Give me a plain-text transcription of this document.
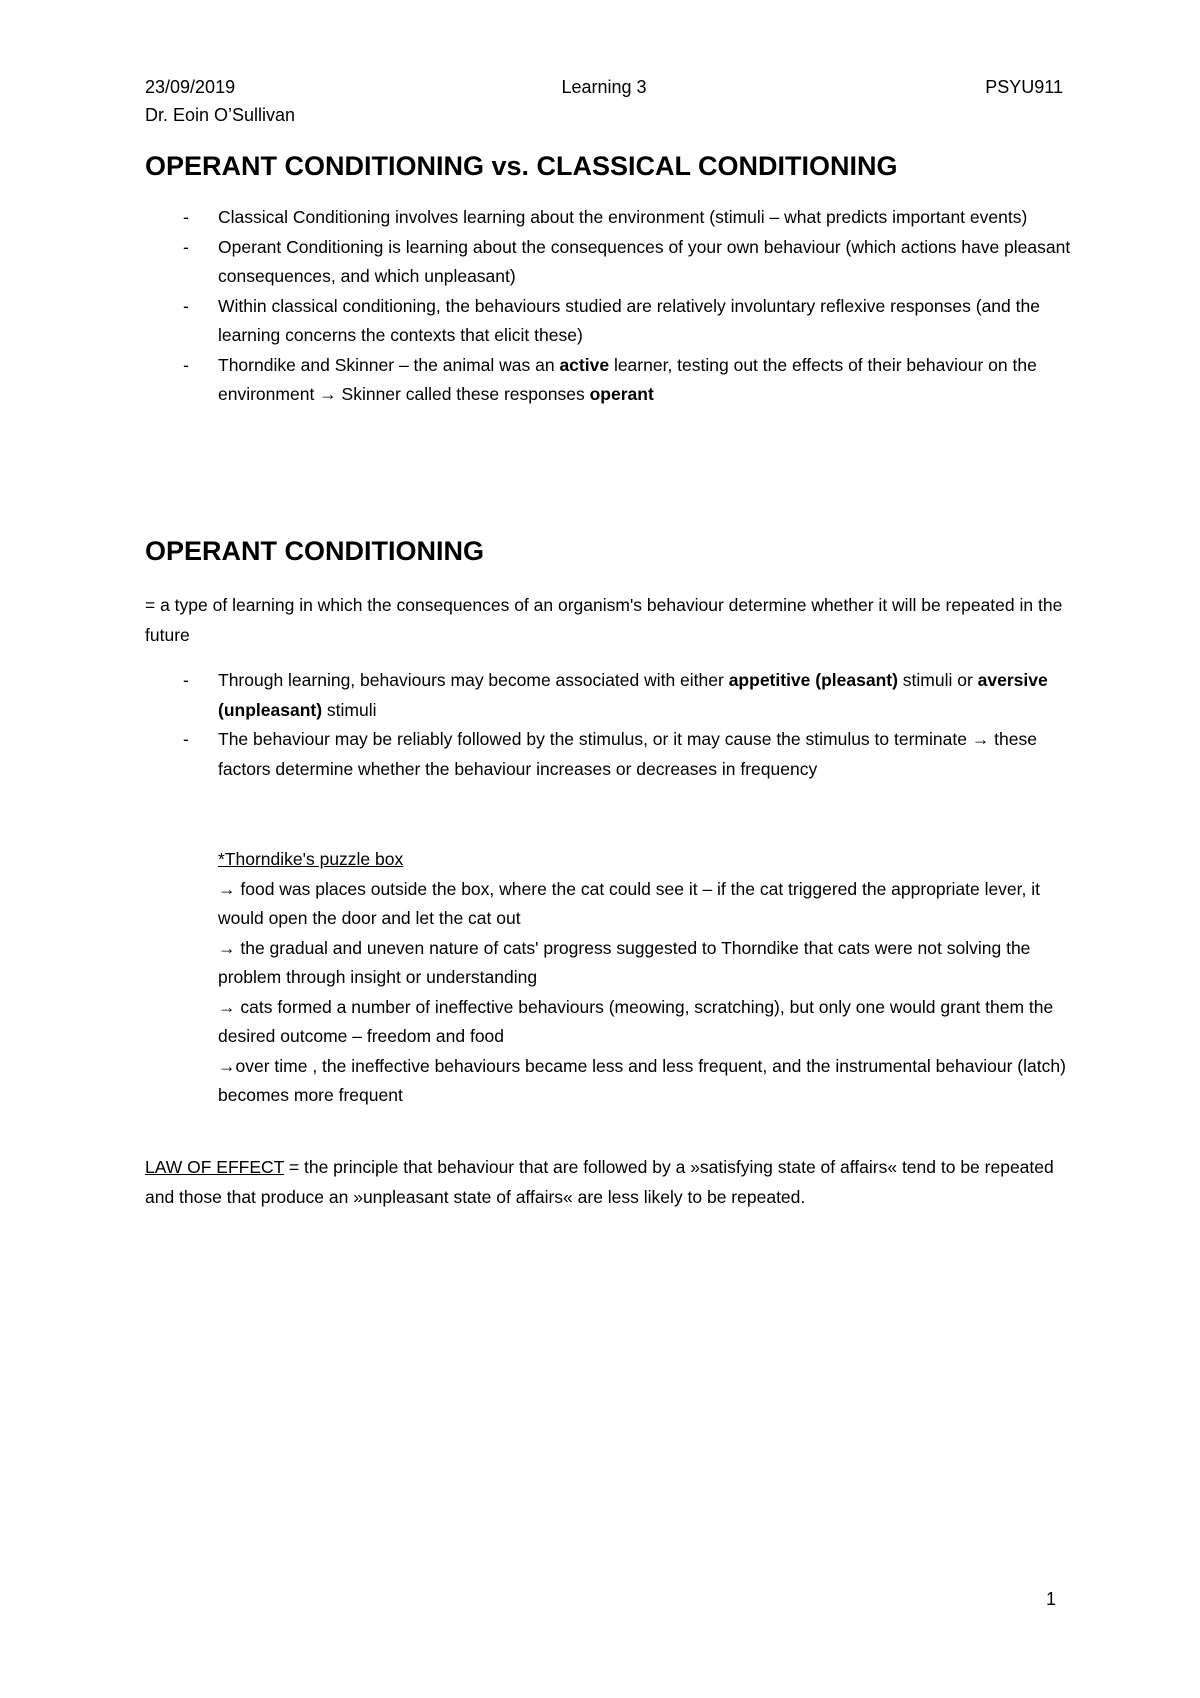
23/09/2019	Learning 3	PSYU911
Dr. Eoin O’Sullivan
OPERANT CONDITIONING vs. CLASSICAL CONDITIONING
- Classical Conditioning involves learning about the environment (stimuli – what predicts important events)
- Operant Conditioning is learning about the consequences of your own behaviour (which actions have pleasant consequences, and which unpleasant)
- Within classical conditioning, the behaviours studied are relatively involuntary reflexive responses (and the learning concerns the contexts that elicit these)
- Thorndike and Skinner – the animal was an active learner, testing out the effects of their behaviour on the environment → Skinner called these responses operant
OPERANT CONDITIONING

= a type of learning in which the consequences of an organism's behaviour determine whether it will be repeated in the future

- Through learning, behaviours may become associated with either appetitive (pleasant) stimuli or aversive (unpleasant) stimuli
- The behaviour may be reliably followed by the stimulus, or it may cause the stimulus to terminate → these factors determine whether the behaviour increases or decreases in frequency

*Thorndike's puzzle box

→ food was places outside the box, where the cat could see it – if the cat triggered the appropriate lever, it would open the door and let the cat out

→ the gradual and uneven nature of cats' progress suggested to Thorndike that cats were not solving the problem through insight or understanding

→ cats formed a number of ineffective behaviours (meowing, scratching), but only one would grant them the desired outcome – freedom and food

→over time , the ineffective behaviours became less and less frequent, and the instrumental behaviour (latch) becomes more frequent

LAW OF EFFECT = the principle that behaviour that are followed by a »satisfying state of affairs« tend to be repeated and those that produce an »unpleasant state of affairs« are less likely to be repeated.

1
